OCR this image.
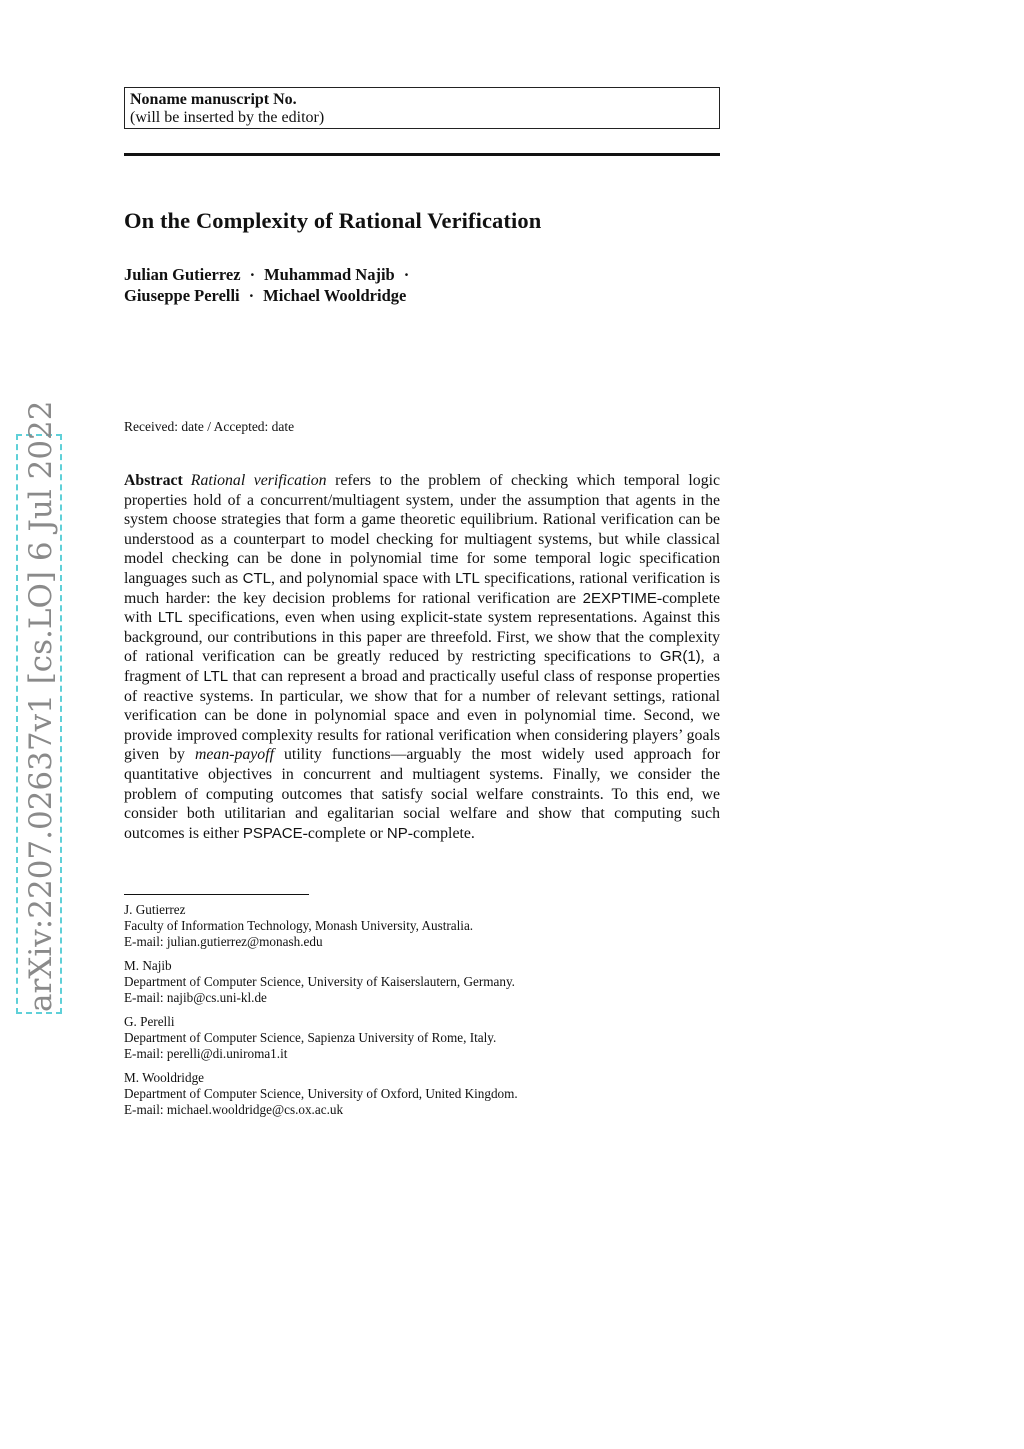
Noname manuscript No.
(will be inserted by the editor)
On the Complexity of Rational Verification
Julian Gutierrez · Muhammad Najib ·
Giuseppe Perelli · Michael Wooldridge
Received: date / Accepted: date
Abstract Rational verification refers to the problem of checking which temporal logic properties hold of a concurrent/multiagent system, under the assumption that agents in the system choose strategies that form a game theoretic equilibrium. Rational verification can be understood as a counterpart to model checking for multiagent systems, but while classical model checking can be done in polynomial time for some temporal logic specification languages such as CTL, and polynomial space with LTL specifications, rational verification is much harder: the key decision problems for rational verification are 2EXPTIME-complete with LTL specifications, even when using explicit-state system representations. Against this background, our contributions in this paper are threefold. First, we show that the complexity of rational verification can be greatly reduced by restricting specifications to GR(1), a fragment of LTL that can represent a broad and practically useful class of response properties of reactive systems. In particular, we show that for a number of relevant settings, rational verification can be done in polynomial space and even in polynomial time. Second, we provide improved complexity results for rational verification when considering players’ goals given by mean-payoff utility functions—arguably the most widely used approach for quantitative objectives in concurrent and multiagent systems. Finally, we consider the problem of computing outcomes that satisfy social welfare constraints. To this end, we consider both utilitarian and egalitarian social welfare and show that computing such outcomes is either PSPACE-complete or NP-complete.
J. Gutierrez
Faculty of Information Technology, Monash University, Australia.
E-mail: julian.gutierrez@monash.edu
M. Najib
Department of Computer Science, University of Kaiserslautern, Germany.
E-mail: najib@cs.uni-kl.de
G. Perelli
Department of Computer Science, Sapienza University of Rome, Italy.
E-mail: perelli@di.uniroma1.it
M. Wooldridge
Department of Computer Science, University of Oxford, United Kingdom.
E-mail: michael.wooldridge@cs.ox.ac.uk
arXiv:2207.02637v1 [cs.LO] 6 Jul 2022
